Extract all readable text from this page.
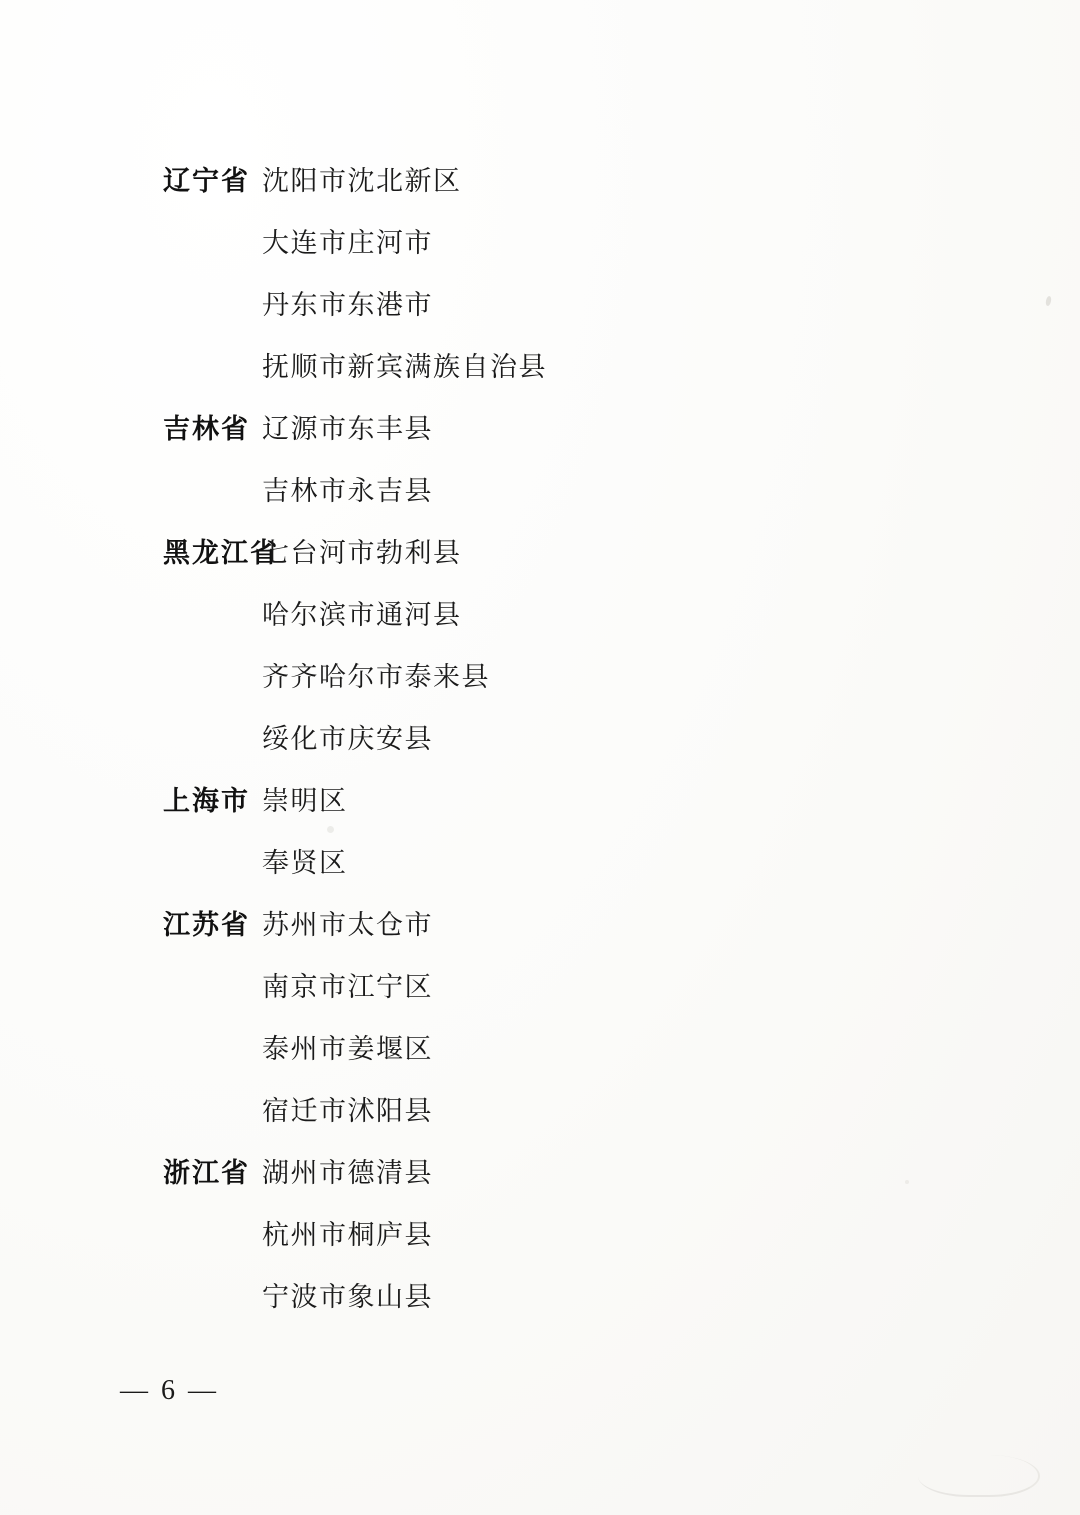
辽宁省 沈阳市沈北新区
大连市庄河市
丹东市东港市
抚顺市新宾满族自治县
吉林省 辽源市东丰县
吉林市永吉县
黑龙江省
七台河市勃利县
哈尔滨市通河县
齐齐哈尔市泰来县
绥化市庆安县
上海市 崇明区
奉贤区
江苏省 苏州市太仓市
南京市江宁区
泰州市姜堰区
宿迁市沭阳县
浙江省 湖州市德清县
杭州市桐庐县
宁波市象山县
— 6 —
